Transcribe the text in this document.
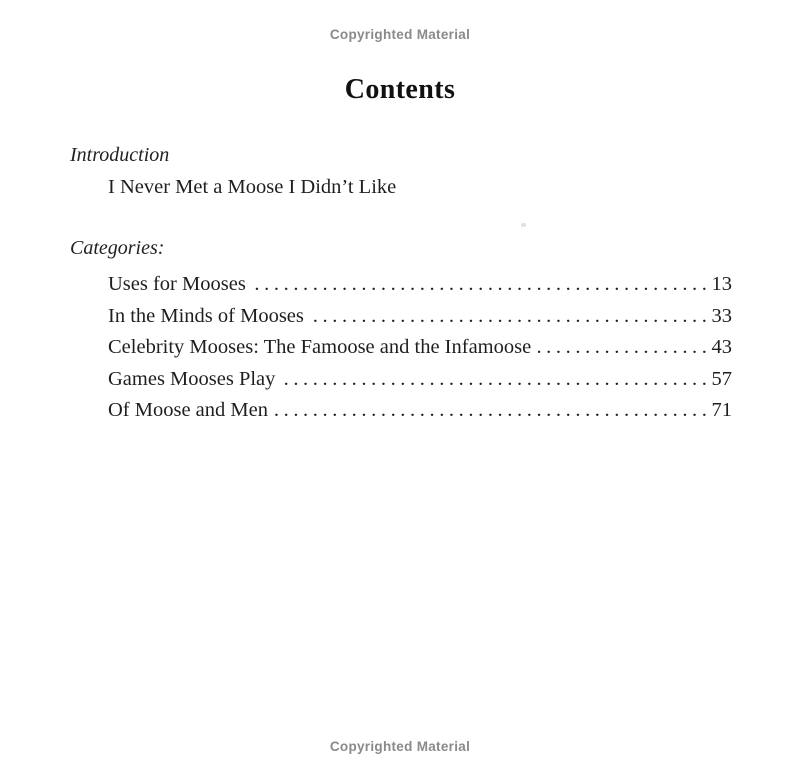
Copyrighted Material
Contents
Introduction
I Never Met a Moose I Didn’t Like
Categories:
Uses for Mooses .....	13
In the Minds of Mooses .....	33
Celebrity Mooses: The Famoose and the Infamoose .....	43
Games Mooses Play .....	57
Of Moose and Men .....	71
Copyrighted Material
